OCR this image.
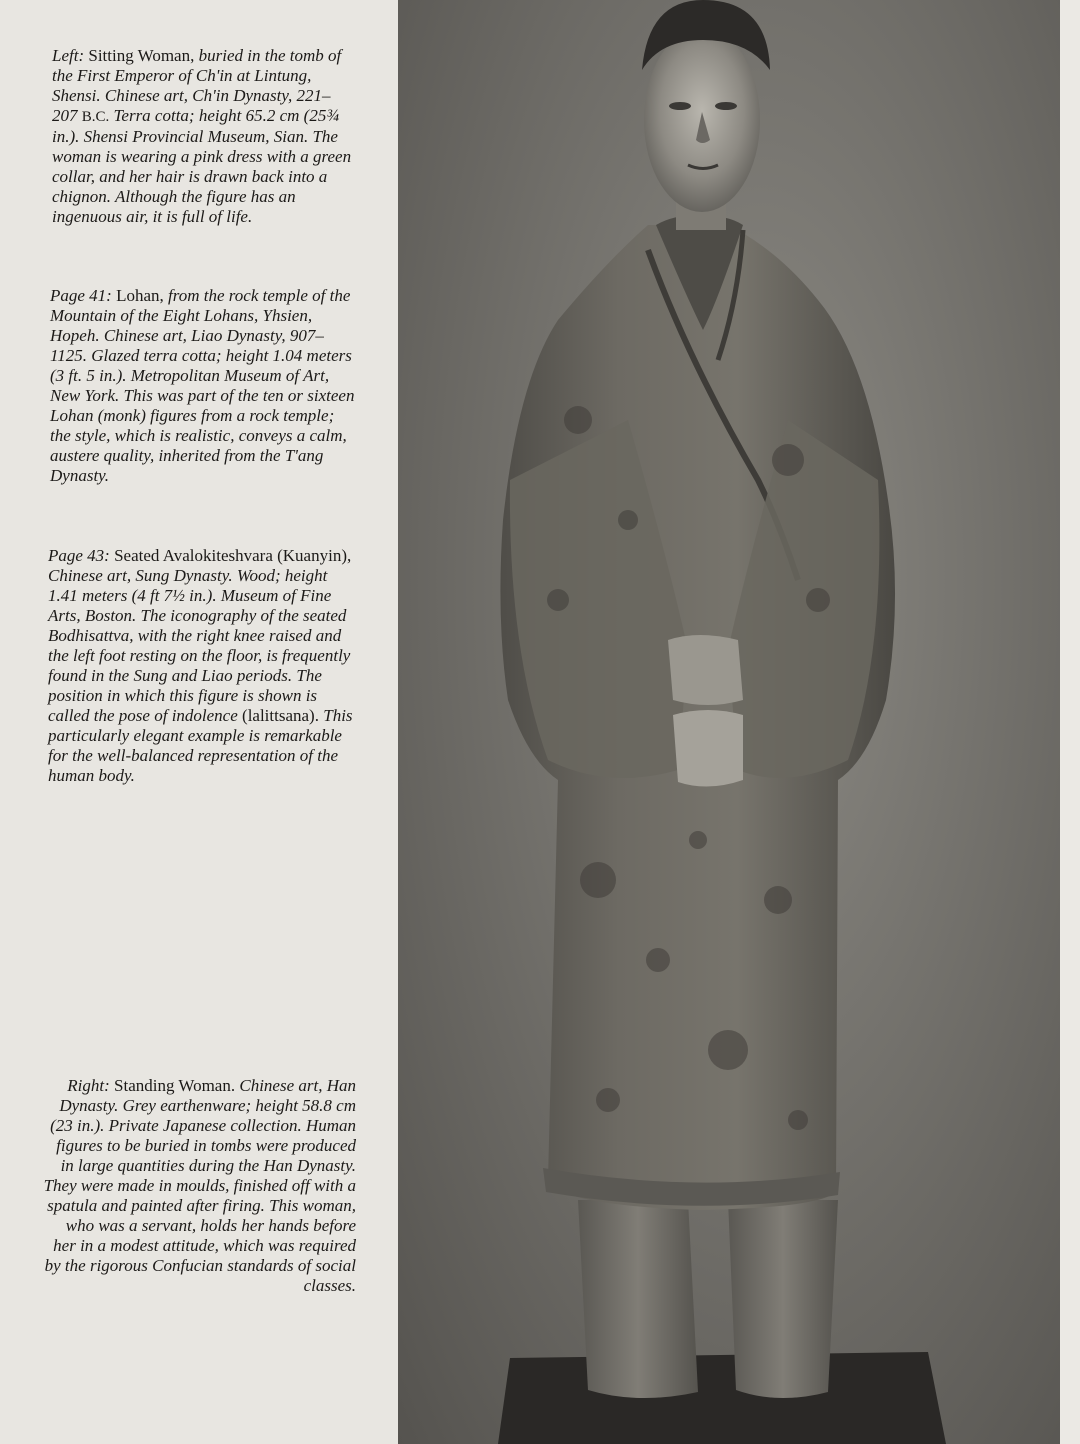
Left: Sitting Woman, buried in the tomb of the First Emperor of Ch'in at Lintung, Shensi. Chinese art, Ch'in Dynasty, 221–207 B.C. Terra cotta; height 65.2 cm (25¾ in.). Shensi Provincial Museum, Sian. The woman is wearing a pink dress with a green collar, and her hair is drawn back into a chignon. Although the figure has an ingenuous air, it is full of life.
Page 41: Lohan, from the rock temple of the Mountain of the Eight Lohans, Yhsien, Hopeh. Chinese art, Liao Dynasty, 907–1125. Glazed terra cotta; height 1.04 meters (3 ft. 5 in.). Metropolitan Museum of Art, New York. This was part of the ten or sixteen Lohan (monk) figures from a rock temple; the style, which is realistic, conveys a calm, austere quality, inherited from the T'ang Dynasty.
Page 43: Seated Avalokiteshvara (Kuanyin), Chinese art, Sung Dynasty. Wood; height 1.41 meters (4 ft 7½ in.). Museum of Fine Arts, Boston. The iconography of the seated Bodhisattva, with the right knee raised and the left foot resting on the floor, is frequently found in the Sung and Liao periods. The position in which this figure is shown is called the pose of indolence (lalittsana). This particularly elegant example is remarkable for the well-balanced representation of the human body.
Right: Standing Woman. Chinese art, Han Dynasty. Grey earthenware; height 58.8 cm (23 in.). Private Japanese collection. Human figures to be buried in tombs were produced in large quantities during the Han Dynasty. They were made in moulds, finished off with a spatula and painted after firing. This woman, who was a servant, holds her hands before her in a modest attitude, which was required by the rigorous Confucian standards of social classes.
